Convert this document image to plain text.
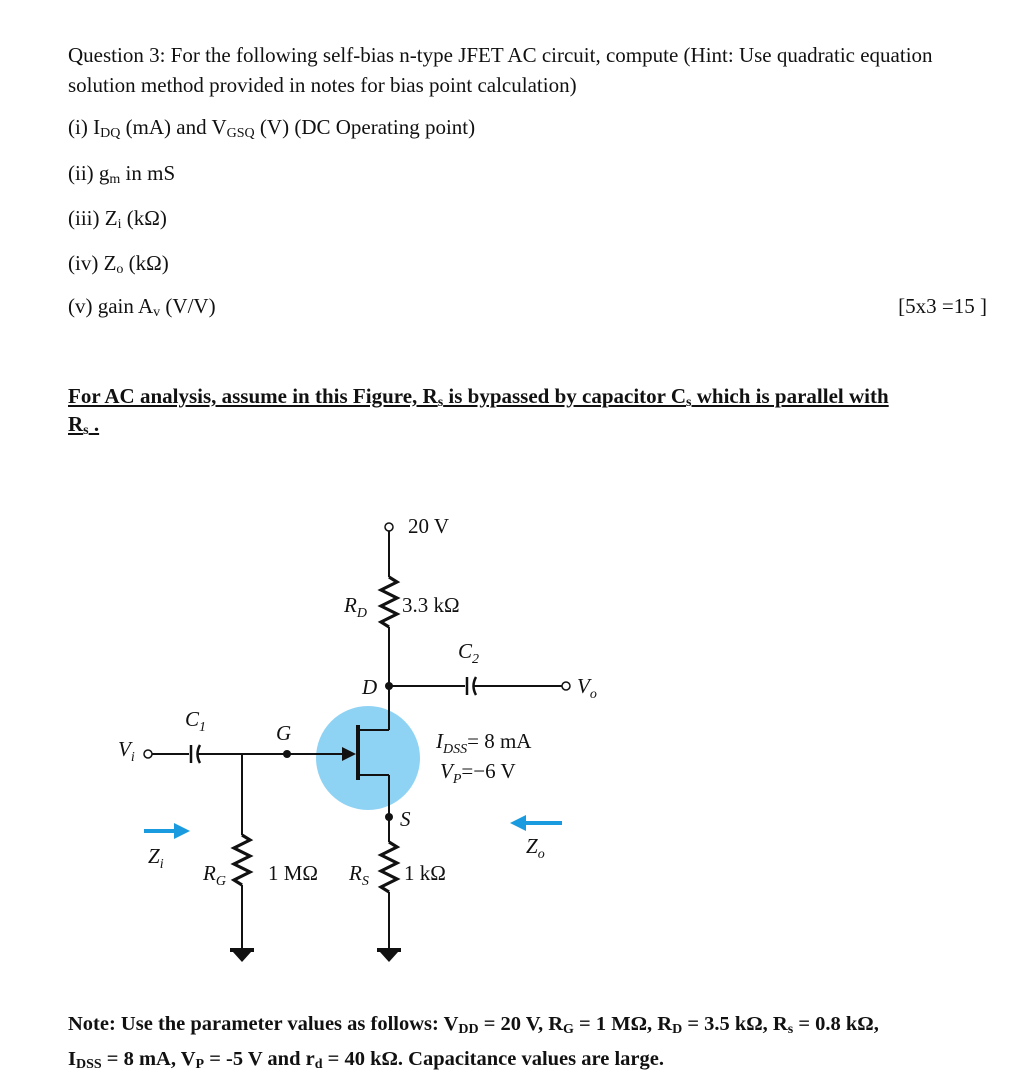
Question 3: For the following self-bias n-type JFET AC circuit, compute (Hint: Use quadratic equation solution method provided in notes for bias point calculation)
(i) $I_{DQ}$ (mA) and $V_{GSQ}$ (V) (DC Operating point)
(ii) $g_m$ in mS
(iii) $Z_i$ (kΩ)
(iv) $Z_o$ (kΩ)
(v) gain $A_v$ (V/V)	[5x3 =15 ]
For AC analysis, assume in this Figure, $R_s$ is bypassed by capacitor $C_s$ which is parallel with
$R_s$ .
20 V
$R_D$ 3.3 kΩ
D
$C_2$
$V_o$
$I_{DSS}= 8$ mA
$V_P=-6$ V
S
$R_S$ 1 kΩ
$V_i$
$C_1$	G
$R_G$ 1 MΩ
$Z_i$
$Z_o$
Note: Use the parameter values as follows: $V_{DD} = 20$ V, $R_G = 1$ MΩ, $R_D = 3.5$ kΩ, $R_s = 0.8$ kΩ,
$I_{DSS} = 8$ mA, $V_P = -5$ V and $r_d = 40$ kΩ. Capacitance values are large.
